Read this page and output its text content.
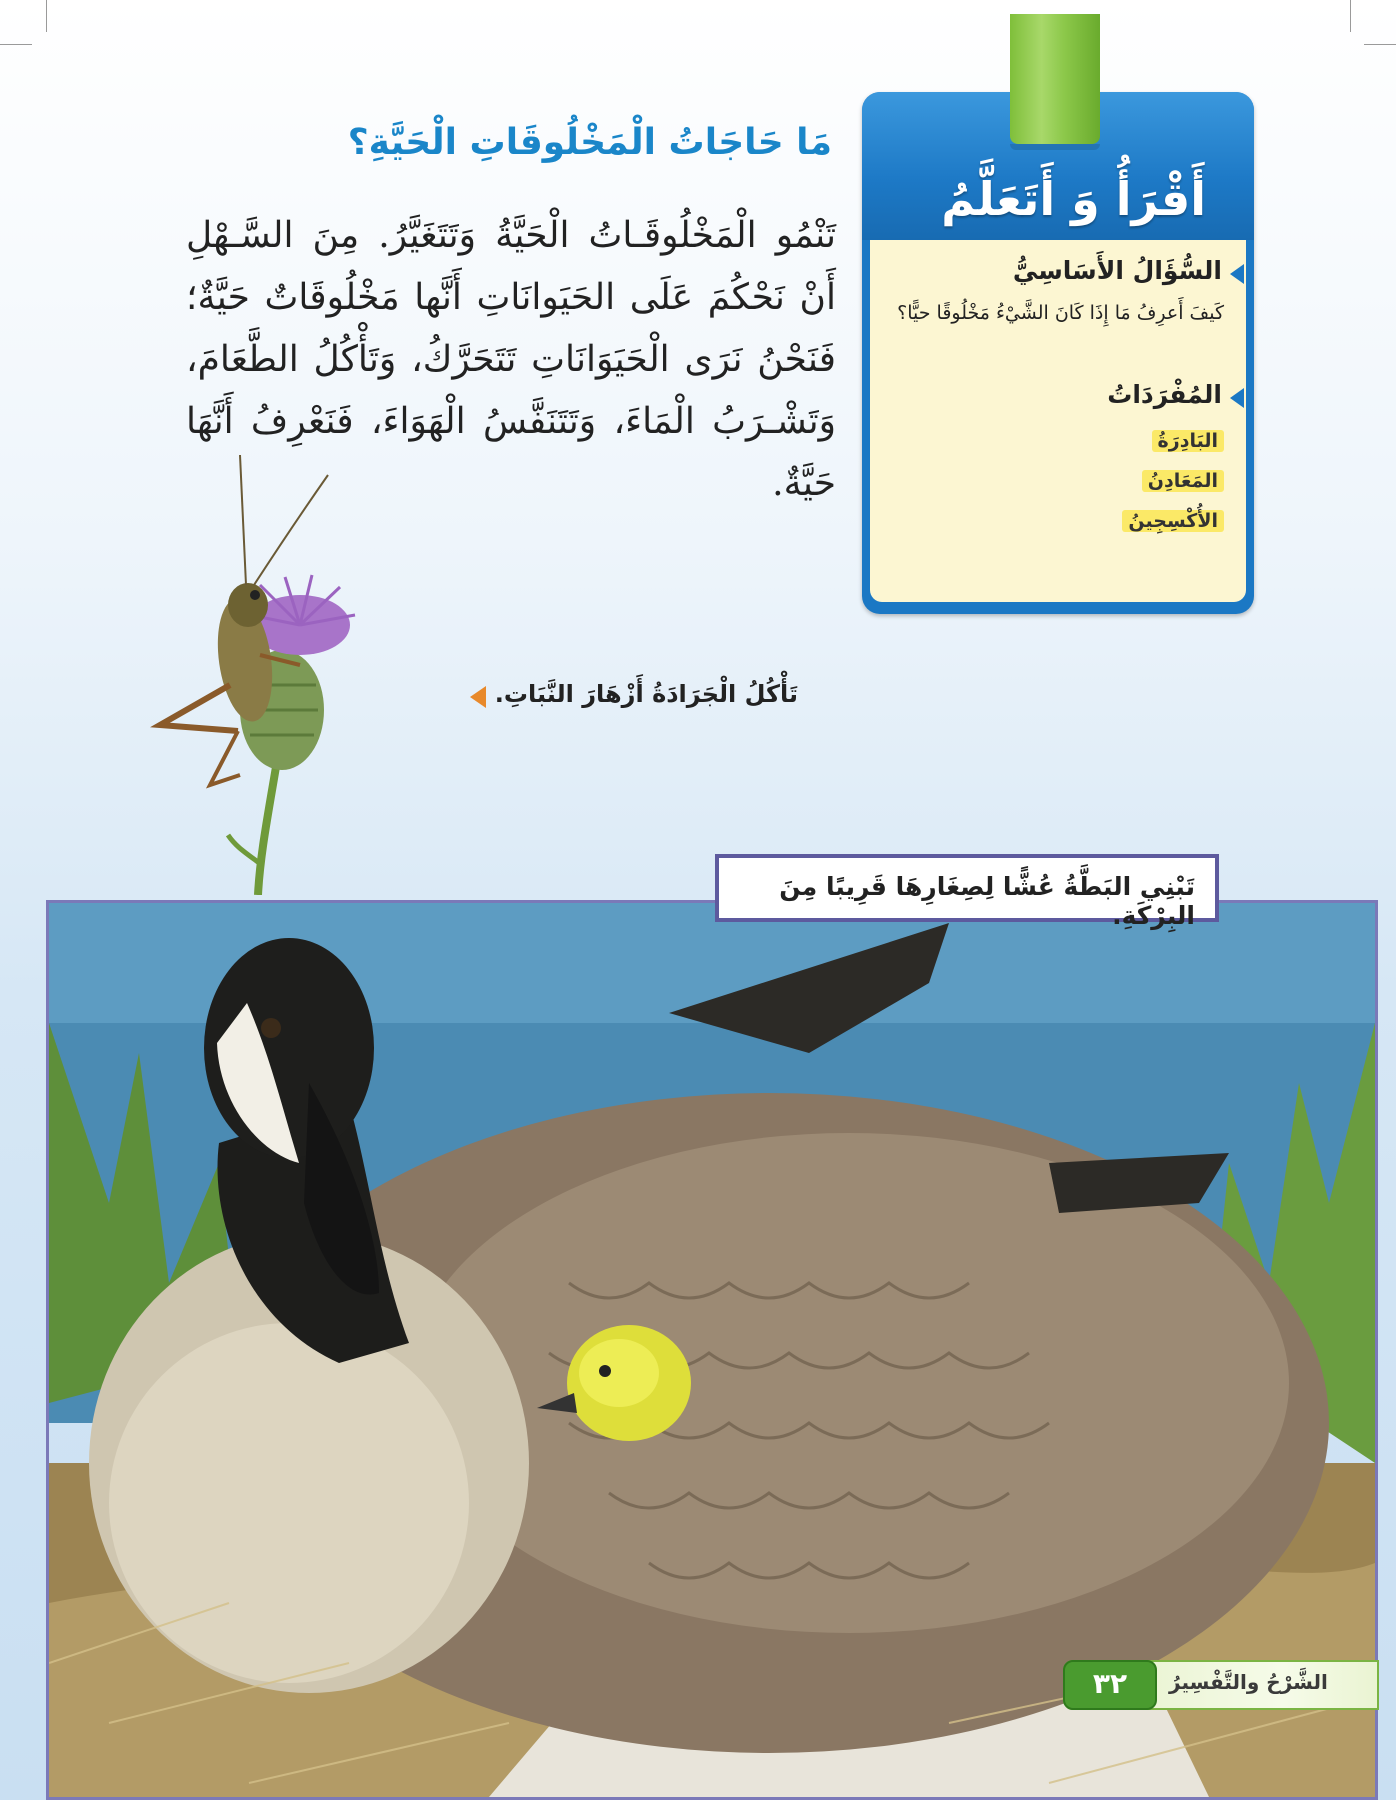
أَقْرَأُ وَ أَتَعَلَّمُ
السُّؤَالُ الأَسَاسِيُّ
كَيفَ أَعرِفُ مَا إِذَا كَانَ الشَّيْءُ مَخْلُوقًا حيًّا؟
المُفْرَدَاتُ
البَادِرَةُ
المَعَادِنُ
الأُكْسِجِينُ
مَا حَاجَاتُ الْمَخْلُوقَاتِ الْحَيَّةِ؟
تَنْمُو الْمَخْلُوقَـاتُ الْحَيَّةُ وَتَتَغَيَّرُ. مِنَ السَّـهْلِ أَنْ نَحْكُمَ عَلَى الحَيَوانَاتِ أَنَّها مَخْلُوقَاتٌ حَيَّةٌ؛ فَنَحْنُ نَرَى الْحَيَوَانَاتِ تَتَحَرَّكُ، وَتَأْكُلُ الطَّعَامَ، وَتَشْـرَبُ الْمَاءَ، وَتَتَنَفَّسُ الْهَوَاءَ، فَنَعْرِفُ أَنَّهَا حَيَّةٌ.
تَأْكُلُ الْجَرَادَةُ أَزْهَارَ النَّبَاتِ.
تَبْنِي البَطَّةُ عُشًّا لِصِغَارِهَا قَرِيبًا مِنَ البِرْكَةِ.
٣٢	الشَّرْحُ والتَّفْسِيرُ
